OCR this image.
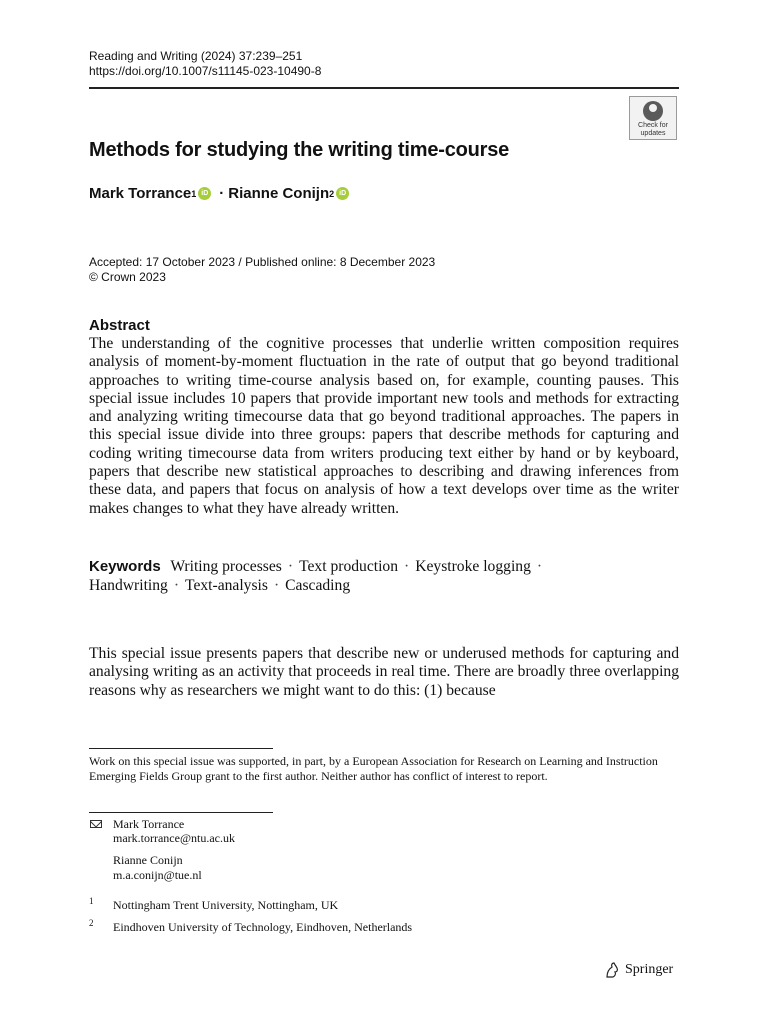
Reading and Writing (2024) 37:239–251
https://doi.org/10.1007/s11145-023-10490-8
Check for
updates
Methods for studying the writing time-course
Mark Torrance 1 iD · Rianne Conijn 2 iD
Accepted: 17 October 2023 / Published online: 8 December 2023
© Crown 2023
Abstract
The understanding of the cognitive processes that underlie written composition requires analysis of moment-by-moment fluctuation in the rate of output that go beyond traditional approaches to writing time-course analysis based on, for example, counting pauses. This special issue includes 10 papers that provide important new tools and methods for extracting and analyzing writing timecourse data that go beyond traditional approaches. The papers in this special issue divide into three groups: papers that describe methods for capturing and coding writing timecourse data from writers producing text either by hand or by keyboard, papers that describe new statistical approaches to describing and drawing inferences from these data, and papers that focus on analysis of how a text develops over time as the writer makes changes to what they have already written.
Keywords Writing processes · Text production · Keystroke logging ·
Handwriting · Text-analysis · Cascading
This special issue presents papers that describe new or underused methods for capturing and analysing writing as an activity that proceeds in real time. There are broadly three overlapping reasons why as researchers we might want to do this: (1) because
Work on this special issue was supported, in part, by a European Association for Research on Learning and Instruction Emerging Fields Group grant to the first author. Neither author has conflict of interest to report.
Mark Torrance
mark.torrance@ntu.ac.uk
Rianne Conijn
m.a.conijn@tue.nl
1 Nottingham Trent University, Nottingham, UK
2 Eindhoven University of Technology, Eindhoven, Netherlands
Springer
